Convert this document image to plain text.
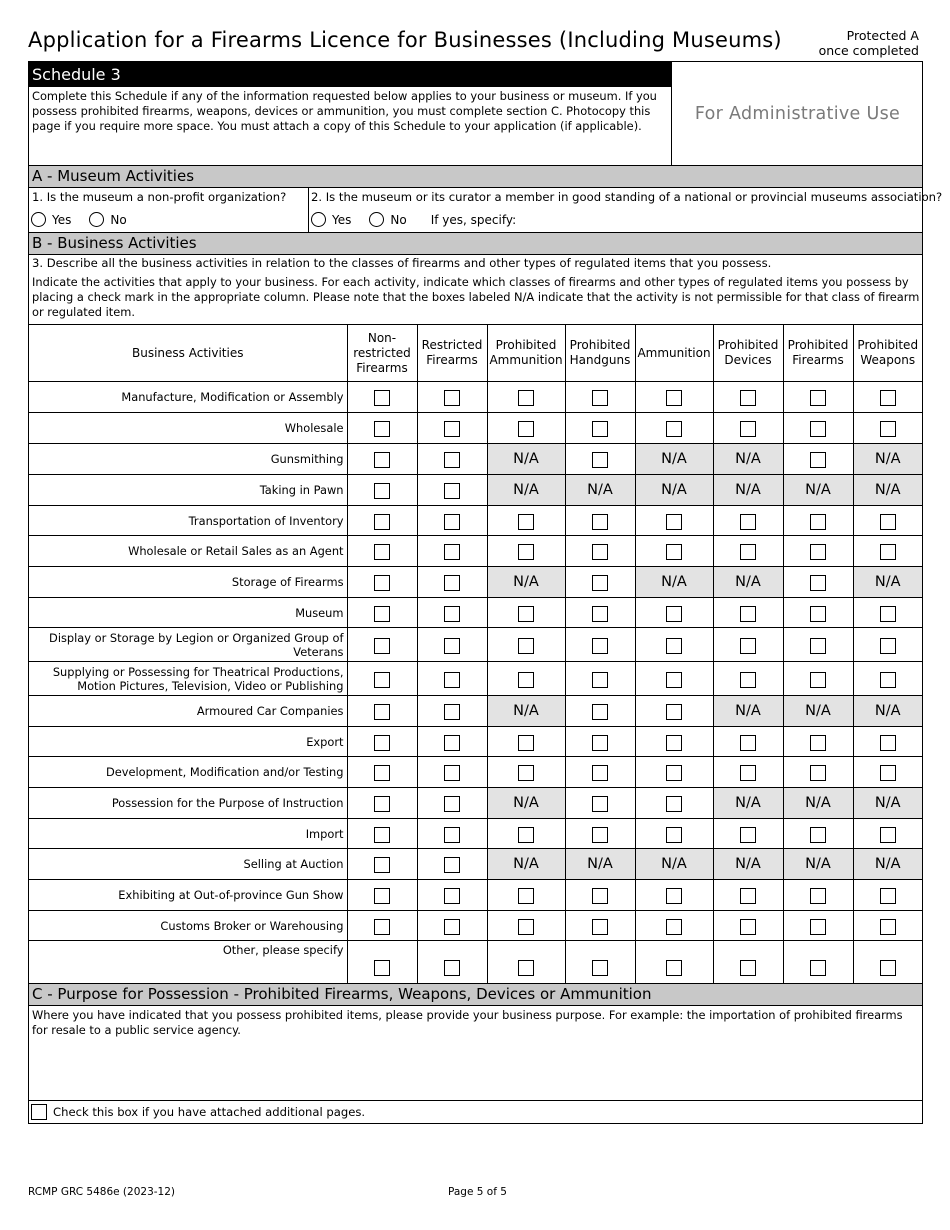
Application for a Firearms Licence for Businesses (Including Museums)	Protected A
once completed
Schedule 3
Complete this Schedule if any of the information requested below applies to your business or museum. If you possess prohibited firearms, weapons, devices or ammunition, you must complete section C. Photocopy this page if you require more space. You must attach a copy of this Schedule to your application (if applicable).
For Administrative Use
A - Museum Activities
1. Is the museum a non-profit organization?
Yes	No
2. Is the museum or its curator a member in good standing of a national or provincial museums association?
Yes	No If yes, specify:
B - Business Activities
3. Describe all the business activities in relation to the classes of firearms and other types of regulated items that you possess.
Indicate the activities that apply to your business. For each activity, indicate which classes of firearms and other types of regulated items you possess by placing a check mark in the appropriate column. Please note that the boxes labeled N/A indicate that the activity is not permissible for that class of firearm or regulated item.
Business Activities	Non-restricted Firearms	Restricted Firearms	Prohibited Ammunition	Prohibited Handguns	Ammunition	Prohibited Devices	Prohibited Firearms	Prohibited Weapons
Manufacture, Modification or Assembly								
Wholesale								
Gunsmithing			N/A		N/A	N/A		N/A
Taking in Pawn			N/A	N/A	N/A	N/A	N/A	N/A
Transportation of Inventory								
Wholesale or Retail Sales as an Agent								
Storage of Firearms			N/A		N/A	N/A		N/A
Museum								
Display or Storage by Legion or Organized Group of Veterans								
Supplying or Possessing for Theatrical Productions, Motion Pictures, Television, Video or Publishing								
Armoured Car Companies			N/A			N/A	N/A	N/A
Export								
Development, Modification and/or Testing								
Possession for the Purpose of Instruction			N/A			N/A	N/A	N/A
Import								
Selling at Auction			N/A	N/A	N/A	N/A	N/A	N/A
Exhibiting at Out-of-province Gun Show								
Customs Broker or Warehousing								
Other, please specify								
C - Purpose for Possession - Prohibited Firearms, Weapons, Devices or Ammunition
Where you have indicated that you possess prohibited items, please provide your business purpose. For example: the importation of prohibited firearms for resale to a public service agency.
Check this box if you have attached additional pages.
RCMP GRC 5486e (2023-12)	Page 5 of 5
